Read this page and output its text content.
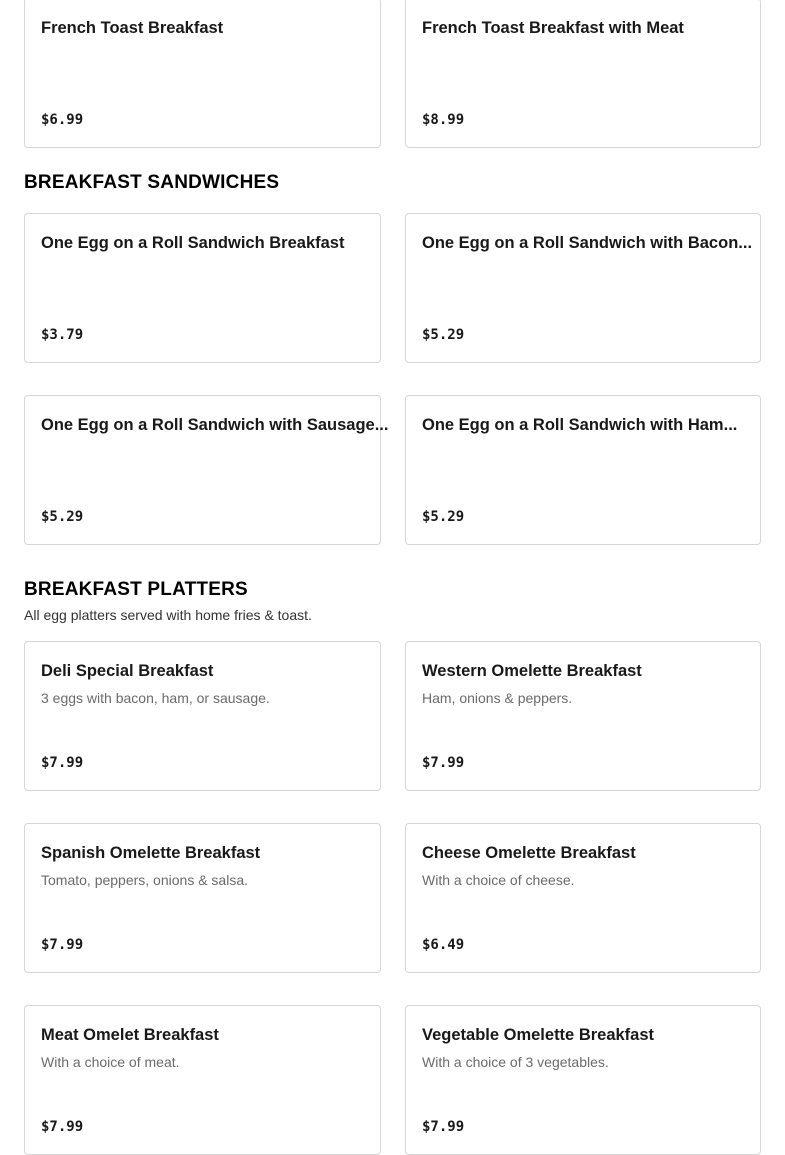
French Toast Breakfast
$6.99
French Toast Breakfast with Meat
$8.99
BREAKFAST SANDWICHES
One Egg on a Roll Sandwich Breakfast
$3.79
One Egg on a Roll Sandwich with Bacon...
$5.29
One Egg on a Roll Sandwich with Sausage...
$5.29
One Egg on a Roll Sandwich with Ham...
$5.29
BREAKFAST PLATTERS

All egg platters served with home fries & toast.

Deli Special Breakfast
3 eggs with bacon, ham, or sausage.
$7.99
Western Omelette Breakfast
Ham, onions & peppers.
$7.99
Spanish Omelette Breakfast
Tomato, peppers, onions & salsa.
$7.99
Cheese Omelette Breakfast
With a choice of cheese.
$6.49
Meat Omelet Breakfast
With a choice of meat.
$7.99
Vegetable Omelette Breakfast
With a choice of 3 vegetables.
$7.99
